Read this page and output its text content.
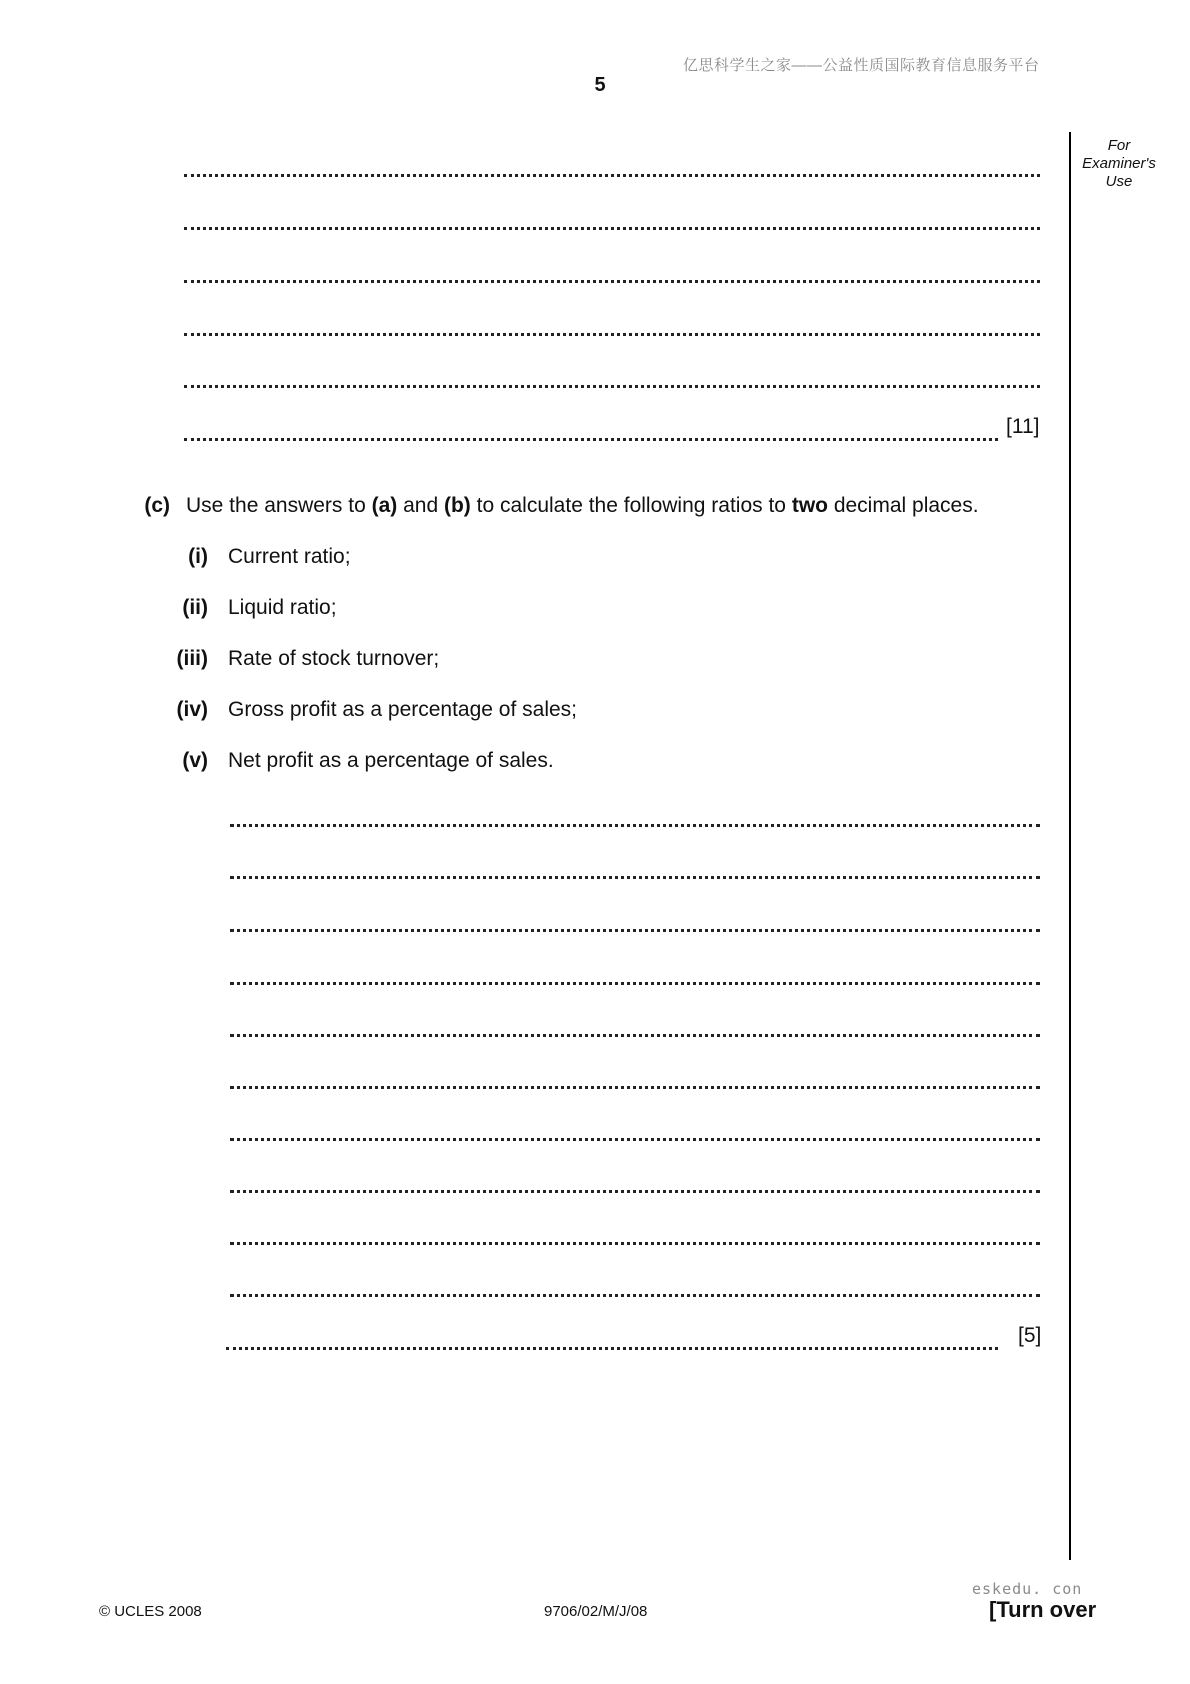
亿思科学生之家——公益性质国际教育信息服务平台
5
For
Examiner's
Use
[11]
(c) Use the answers to (a) and (b) to calculate the following ratios to two decimal places.
(i) Current ratio;
(ii) Liquid ratio;
(iii) Rate of stock turnover;
(iv) Gross profit as a percentage of sales;
(v) Net profit as a percentage of sales.
[5]
© UCLES 2008	9706/02/M/J/08
eskedu. con
[Turn over
